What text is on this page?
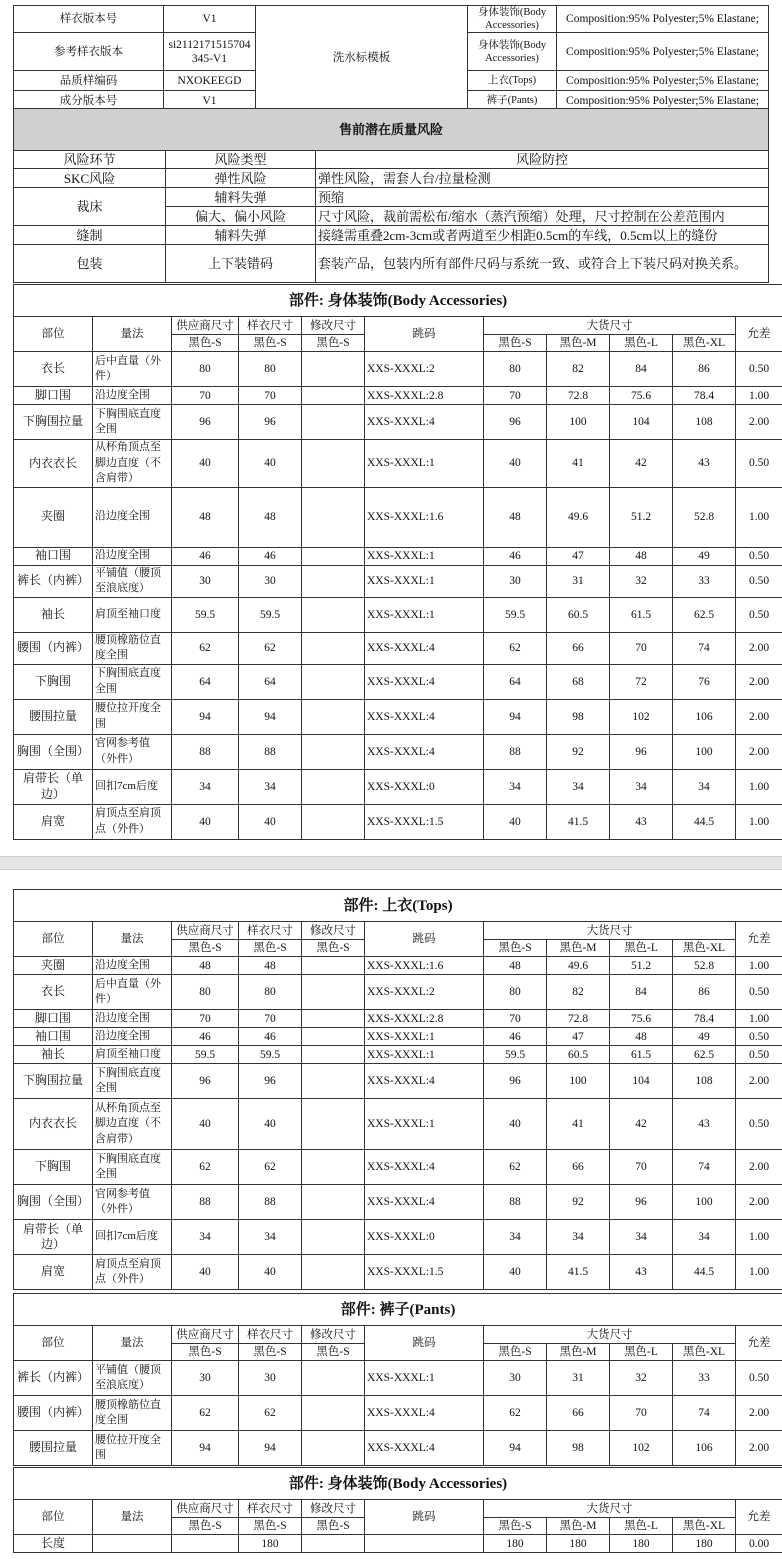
样衣版本号	V1	洗水标模板	身体装饰(Body Accessories)	Composition:95% Polyester;5% Elastane;
参考样衣版本	si2112171515704345-V1		身体装饰(Body Accessories)	Composition:95% Polyester;5% Elastane;
品质样编码	NXOKEEGD		上衣(Tops)	Composition:95% Polyester;5% Elastane;
成分版本号	V1		裤子(Pants)	Composition:95% Polyester;5% Elastane;
售前潜在质量风险		
风险环节	风险类型	风险防控
SKC风险	弹性风险	弹性风险，需套人台/拉量检测
裁床	辅料失弹	预缩
	偏大、偏小风险	尺寸风险，裁前需松布/缩水（蒸汽预缩）处理，尺寸控制在公差范围内
缝制	辅料失弹	接缝需重叠2cm-3cm或者两道至少相距0.5cm的车线，0.5cm以上的缝份
包装	上下装错码	套装产品，包装内所有部件尺码与系统一致、或符合上下装尺码对换关系。
部件: 身体装饰(Body Accessories)										
部位	量法	供应商尺寸	样衣尺寸	修改尺寸	跳码	大货尺寸				允差
		黑色-S	黑色-S	黑色-S		黑色-S	黑色-M	黑色-L	黑色-XL	
衣长	后中直量（外件）	80	80		XXS-XXXL:2	80	82	84	86	0.50
脚口围	沿边度全围	70	70		XXS-XXXL:2.8	70	72.8	75.6	78.4	1.00
下胸围拉量	下胸围底直度全围	96	96		XXS-XXXL:4	96	100	104	108	2.00
内衣衣长	从杯角顶点至脚边直度（不含肩带）	40	40		XXS-XXXL:1	40	41	42	43	0.50
夹圈	沿边度全围	48	48		XXS-XXXL:1.6	48	49.6	51.2	52.8	1.00
袖口围	沿边度全围	46	46		XXS-XXXL:1	46	47	48	49	0.50
裤长（内裤）	平铺值（腰顶至浪底度）	30	30		XXS-XXXL:1	30	31	32	33	0.50
袖长	肩顶至袖口度	59.5	59.5		XXS-XXXL:1	59.5	60.5	61.5	62.5	0.50
腰围（内裤）	腰顶橡筋位直度全围	62	62		XXS-XXXL:4	62	66	70	74	2.00
下胸围	下胸围底直度全围	64	64		XXS-XXXL:4	64	68	72	76	2.00
腰围拉量	腰位拉开度全围	94	94		XXS-XXXL:4	94	98	102	106	2.00
胸围（全围）	官网参考值（外件）	88	88		XXS-XXXL:4	88	92	96	100	2.00
肩带长（单边）	回扣7cm后度	34	34		XXS-XXXL:0	34	34	34	34	1.00
肩宽	肩顶点至肩顶点（外件）	40	40		XXS-XXXL:1.5	40	41.5	43	44.5	1.00
部件: 上衣(Tops)										
部位	量法	供应商尺寸	样衣尺寸	修改尺寸	跳码	大货尺寸				允差
		黑色-S	黑色-S	黑色-S		黑色-S	黑色-M	黑色-L	黑色-XL	
夹圈	沿边度全围	48	48		XXS-XXXL:1.6	48	49.6	51.2	52.8	1.00
衣长	后中直量（外件）	80	80		XXS-XXXL:2	80	82	84	86	0.50
脚口围	沿边度全围	70	70		XXS-XXXL:2.8	70	72.8	75.6	78.4	1.00
袖口围	沿边度全围	46	46		XXS-XXXL:1	46	47	48	49	0.50
袖长	肩顶至袖口度	59.5	59.5		XXS-XXXL:1	59.5	60.5	61.5	62.5	0.50
下胸围拉量	下胸围底直度全围	96	96		XXS-XXXL:4	96	100	104	108	2.00
内衣衣长	从杯角顶点至脚边直度（不含肩带）	40	40		XXS-XXXL:1	40	41	42	43	0.50
下胸围	下胸围底直度全围	62	62		XXS-XXXL:4	62	66	70	74	2.00
胸围（全围）	官网参考值（外件）	88	88		XXS-XXXL:4	88	92	96	100	2.00
肩带长（单边）	回扣7cm后度	34	34		XXS-XXXL:0	34	34	34	34	1.00
肩宽	肩顶点至肩顶点（外件）	40	40		XXS-XXXL:1.5	40	41.5	43	44.5	1.00
部件: 裤子(Pants)										
部位	量法	供应商尺寸	样衣尺寸	修改尺寸	跳码	大货尺寸				允差
		黑色-S	黑色-S	黑色-S		黑色-S	黑色-M	黑色-L	黑色-XL	
裤长（内裤）	平铺值（腰顶至浪底度）	30	30		XXS-XXXL:1	30	31	32	33	0.50
腰围（内裤）	腰顶橡筋位直度全围	62	62		XXS-XXXL:4	62	66	70	74	2.00
腰围拉量	腰位拉开度全围	94	94		XXS-XXXL:4	94	98	102	106	2.00
部件: 身体装饰(Body Accessories)										
部位	量法	供应商尺寸	样衣尺寸	修改尺寸	跳码	大货尺寸				允差
		黑色-S	黑色-S	黑色-S		黑色-S	黑色-M	黑色-L	黑色-XL	
长度			180			180	180	180	180	0.00
